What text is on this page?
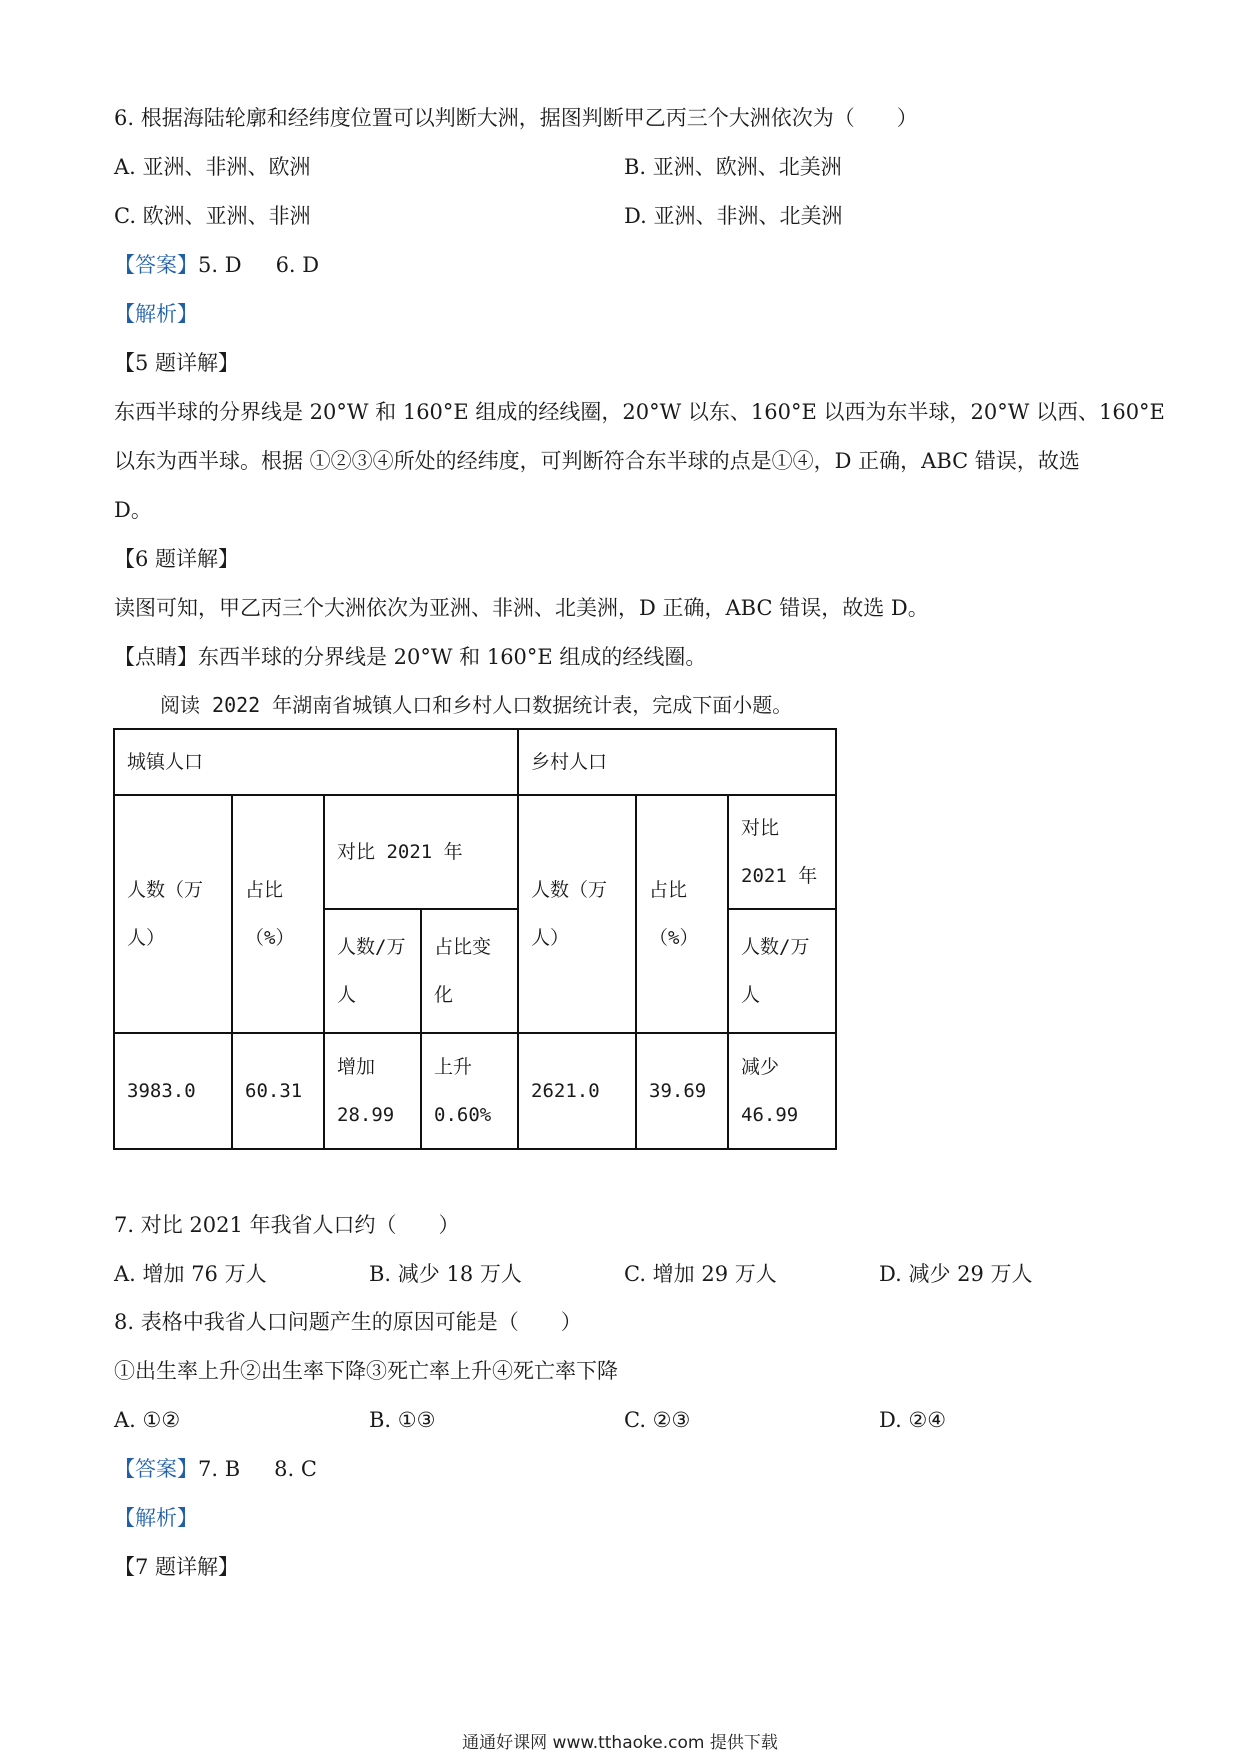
6. 根据海陆轮廓和经纬度位置可以判断大洲，据图判断甲乙丙三个大洲依次为（　　）
A. 亚洲、非洲、欧洲	B. 亚洲、欧洲、北美洲
C. 欧洲、亚洲、非洲	D. 亚洲、非洲、北美洲
【答案】5. D 6. D
【解析】
【5 题详解】
东西半球的分界线是 20°W 和 160°E 组成的经线圈，20°W 以东、160°E 以西为东半球，20°W 以西、160°E
以东为西半球。根据 ①②③④所处的经纬度，可判断符合东半球的点是①④，D 正确，ABC 错误，故选
D。
【6 题详解】
读图可知，甲乙丙三个大洲依次为亚洲、非洲、北美洲，D 正确，ABC 错误，故选 D。
【点睛】东西半球的分界线是 20°W 和 160°E 组成的经线圈。
阅读 2022 年湖南省城镇人口和乡村人口数据统计表，完成下面小题。
城镇人口				乡村人口		
人数（万人）	占比（%）	对比 2021 年		人数（万人）	占比（%）	对比 2021 年
		人数/万人	占比变化			人数/万人
3983.0	60.31	增加 28.99	上升 0.60%	2621.0	39.69	减少 46.99
7. 对比 2021 年我省人口约（　　）
A. 增加 76 万人	B. 减少 18 万人	C. 增加 29 万人	D. 减少 29 万人
8. 表格中我省人口问题产生的原因可能是（　　）
①出生率上升②出生率下降③死亡率上升④死亡率下降
A. ①②	B. ①③	C. ②③	D. ②④
【答案】7. B 8. C
【解析】
【7 题详解】
通通好课网 www.tthaoke.com 提供下载
